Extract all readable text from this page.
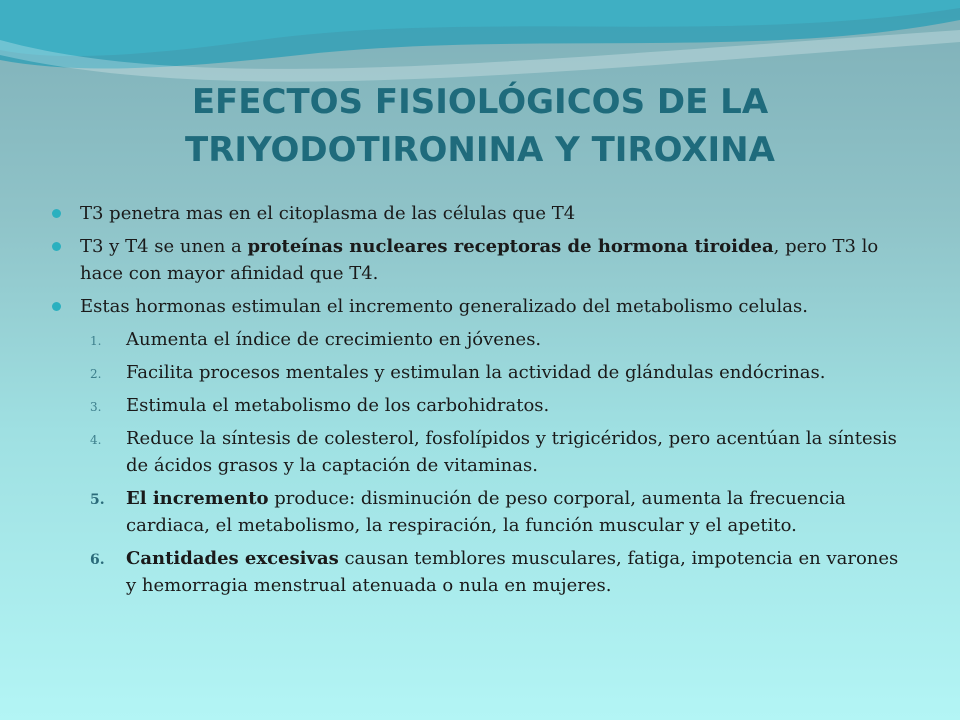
EFECTOS FISIOLÓGICOS DE LA
TRIYODOTIRONINA Y TIROXINA
T3 penetra mas en el citoplasma de las células que T4
T3 y T4 se unen a proteínas nucleares receptoras de hormona tiroidea, pero T3 lo hace con mayor afinidad que T4.
Estas hormonas estimulan el incremento generalizado del metabolismo celulas.
1. Aumenta el índice de crecimiento en jóvenes.
2. Facilita procesos mentales y estimulan la actividad de glándulas endócrinas.
3. Estimula el metabolismo de los carbohidratos.
4. Reduce la síntesis de colesterol, fosfolípidos y trigicéridos, pero acentúan la síntesis de ácidos grasos y la captación de vitaminas.
5. El incremento produce: disminución de peso corporal, aumenta la frecuencia cardiaca, el metabolismo, la respiración, la función muscular y el apetito.
6. Cantidades excesivas causan temblores musculares, fatiga, impotencia en varones y hemorragia menstrual atenuada o nula en mujeres.
